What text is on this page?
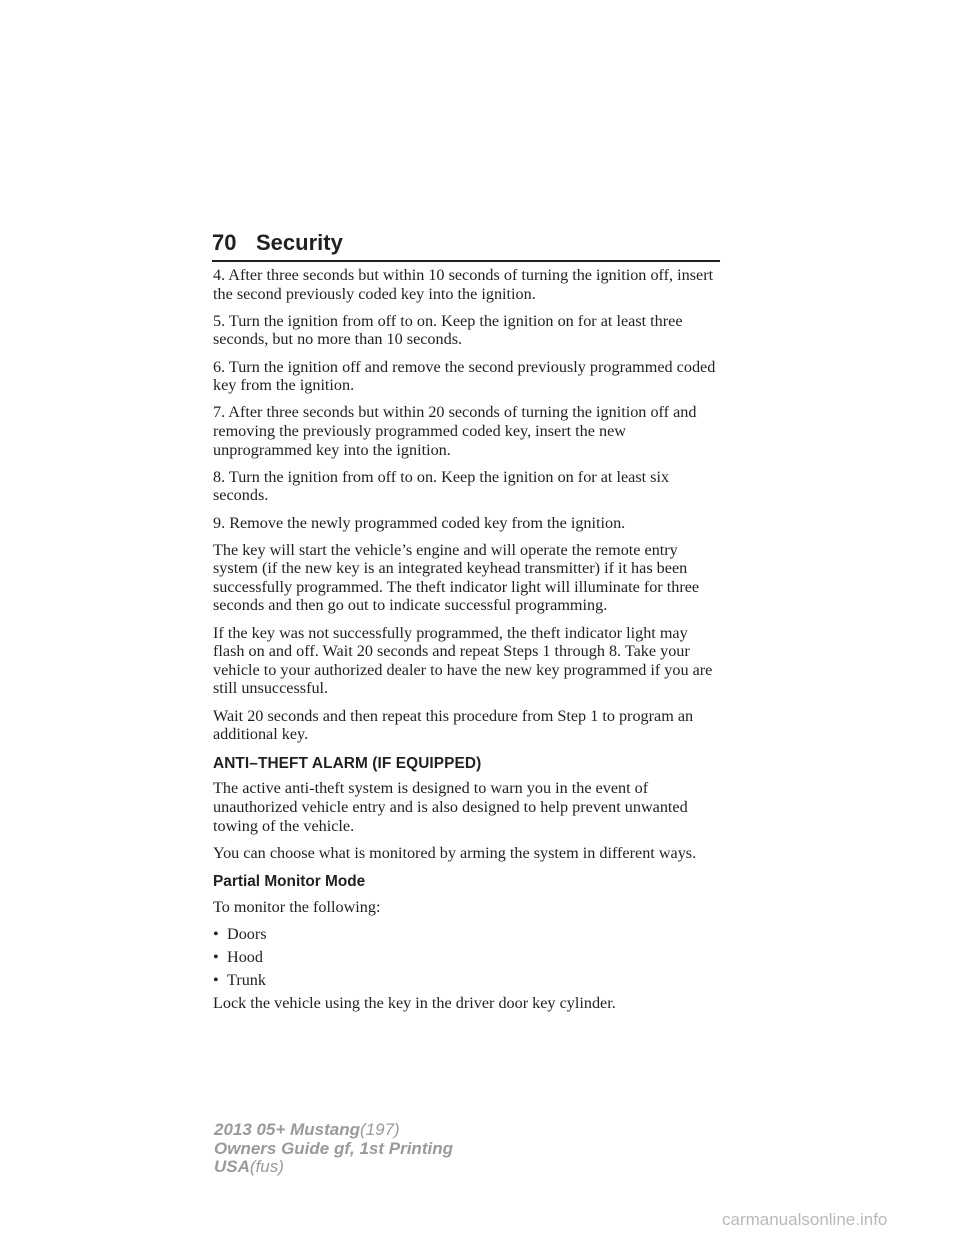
70 Security

4. After three seconds but within 10 seconds of turning the ignition off, insert the second previously coded key into the ignition.

5. Turn the ignition from off to on. Keep the ignition on for at least three seconds, but no more than 10 seconds.

6. Turn the ignition off and remove the second previously programmed coded key from the ignition.

7. After three seconds but within 20 seconds of turning the ignition off and removing the previously programmed coded key, insert the new unprogrammed key into the ignition.

8. Turn the ignition from off to on. Keep the ignition on for at least six seconds.

9. Remove the newly programmed coded key from the ignition.

The key will start the vehicle’s engine and will operate the remote entry system (if the new key is an integrated keyhead transmitter) if it has been successfully programmed. The theft indicator light will illuminate for three seconds and then go out to indicate successful programming.

If the key was not successfully programmed, the theft indicator light may flash on and off. Wait 20 seconds and repeat Steps 1 through 8. Take your vehicle to your authorized dealer to have the new key programmed if you are still unsuccessful.

Wait 20 seconds and then repeat this procedure from Step 1 to program an additional key.

ANTI–THEFT ALARM (IF EQUIPPED)

The active anti-theft system is designed to warn you in the event of unauthorized vehicle entry and is also designed to help prevent unwanted towing of the vehicle.

You can choose what is monitored by arming the system in different ways.

Partial Monitor Mode

To monitor the following:

• Doors
• Hood
• Trunk

Lock the vehicle using the key in the driver door key cylinder.

2013 05+ Mustang(197)
Owners Guide gf, 1st Printing
USA(fus)
carmanualsonline.info
